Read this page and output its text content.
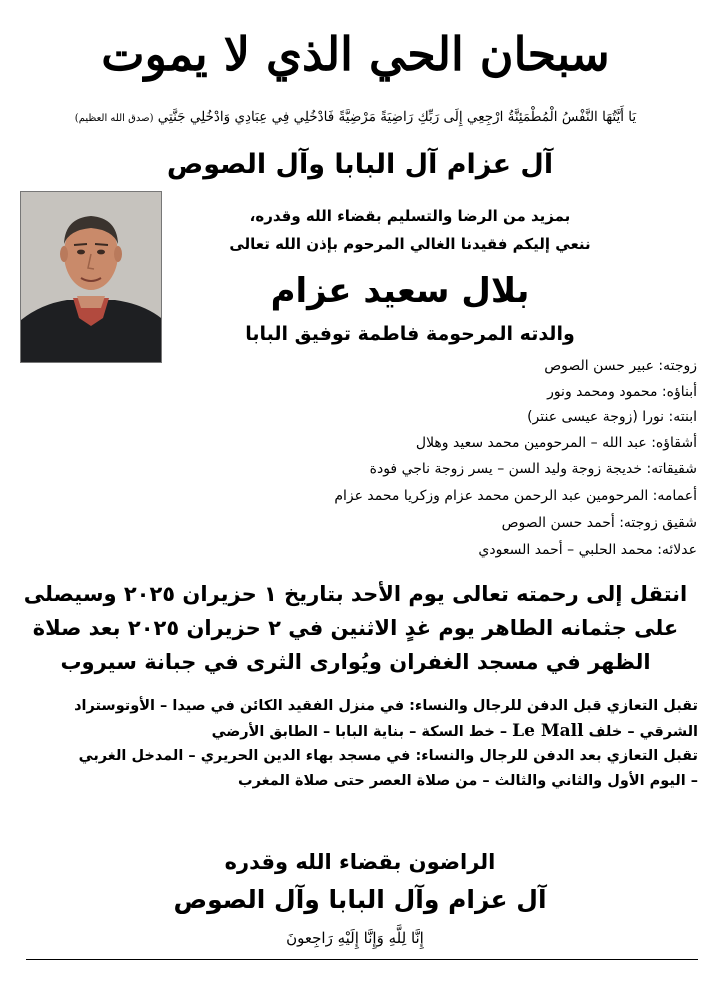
سبحان الحي الذي لا يموت
يَا أَيَّتُهَا النَّفْسُ الْمُطْمَئِنَّةُ ارْجِعِي إِلَى رَبِّكِ رَاضِيَةً مَرْضِيَّةً فَادْخُلِي فِي عِبَادِي وَادْخُلِي جَنَّتِي (صدق الله العظيم)
آل عزام آل البابا وآل الصوص
بمزيد من الرضا والتسليم بقضاء الله وقدره،
ننعي إليكم فقيدنا الغالي المرحوم بإذن الله تعالى
بلال سعيد عزام
والدته المرحومة فاطمة توفيق البابا
زوجته: عبير حسن الصوص
أبناؤه: محمود ومحمد ونور
ابنته: نورا (زوجة عيسى عنتر)
أشقاؤه: عبد الله – المرحومين محمد سعيد وهلال
شقيقاته: خديجة زوجة وليد السن – يسر زوجة ناجي فودة
أعمامه: المرحومين عبد الرحمن محمد عزام وزكريا محمد عزام
شقيق زوجته: أحمد حسن الصوص
عدلائه: محمد الحلبي – أحمد السعودي
انتقل إلى رحمته تعالى يوم الأحد بتاريخ ١ حزيران ٢٠٢٥ وسيصلى
على جثمانه الطاهر يوم غدٍ الاثنين في ٢ حزيران ٢٠٢٥ بعد صلاة
الظهر في مسجد الغفران ويُوارى الثرى في جبانة سيروب
تقبل التعازي قبل الدفن للرجال والنساء: في منزل الفقيد الكائن في صيدا – الأوتوستراد
الشرقي – خلف Le Mall – خط السكة – بناية البابا – الطابق الأرضي
تقبل التعازي بعد الدفن للرجال والنساء: في مسجد بهاء الدين الحريري – المدخل الغربي
– اليوم الأول والثاني والثالث – من صلاة العصر حتى صلاة المغرب
الراضون بقضاء الله وقدره
آل عزام وآل البابا وآل الصوص
إِنَّا لِلَّهِ وَإِنَّا إِلَيْهِ رَاجِعونَ
